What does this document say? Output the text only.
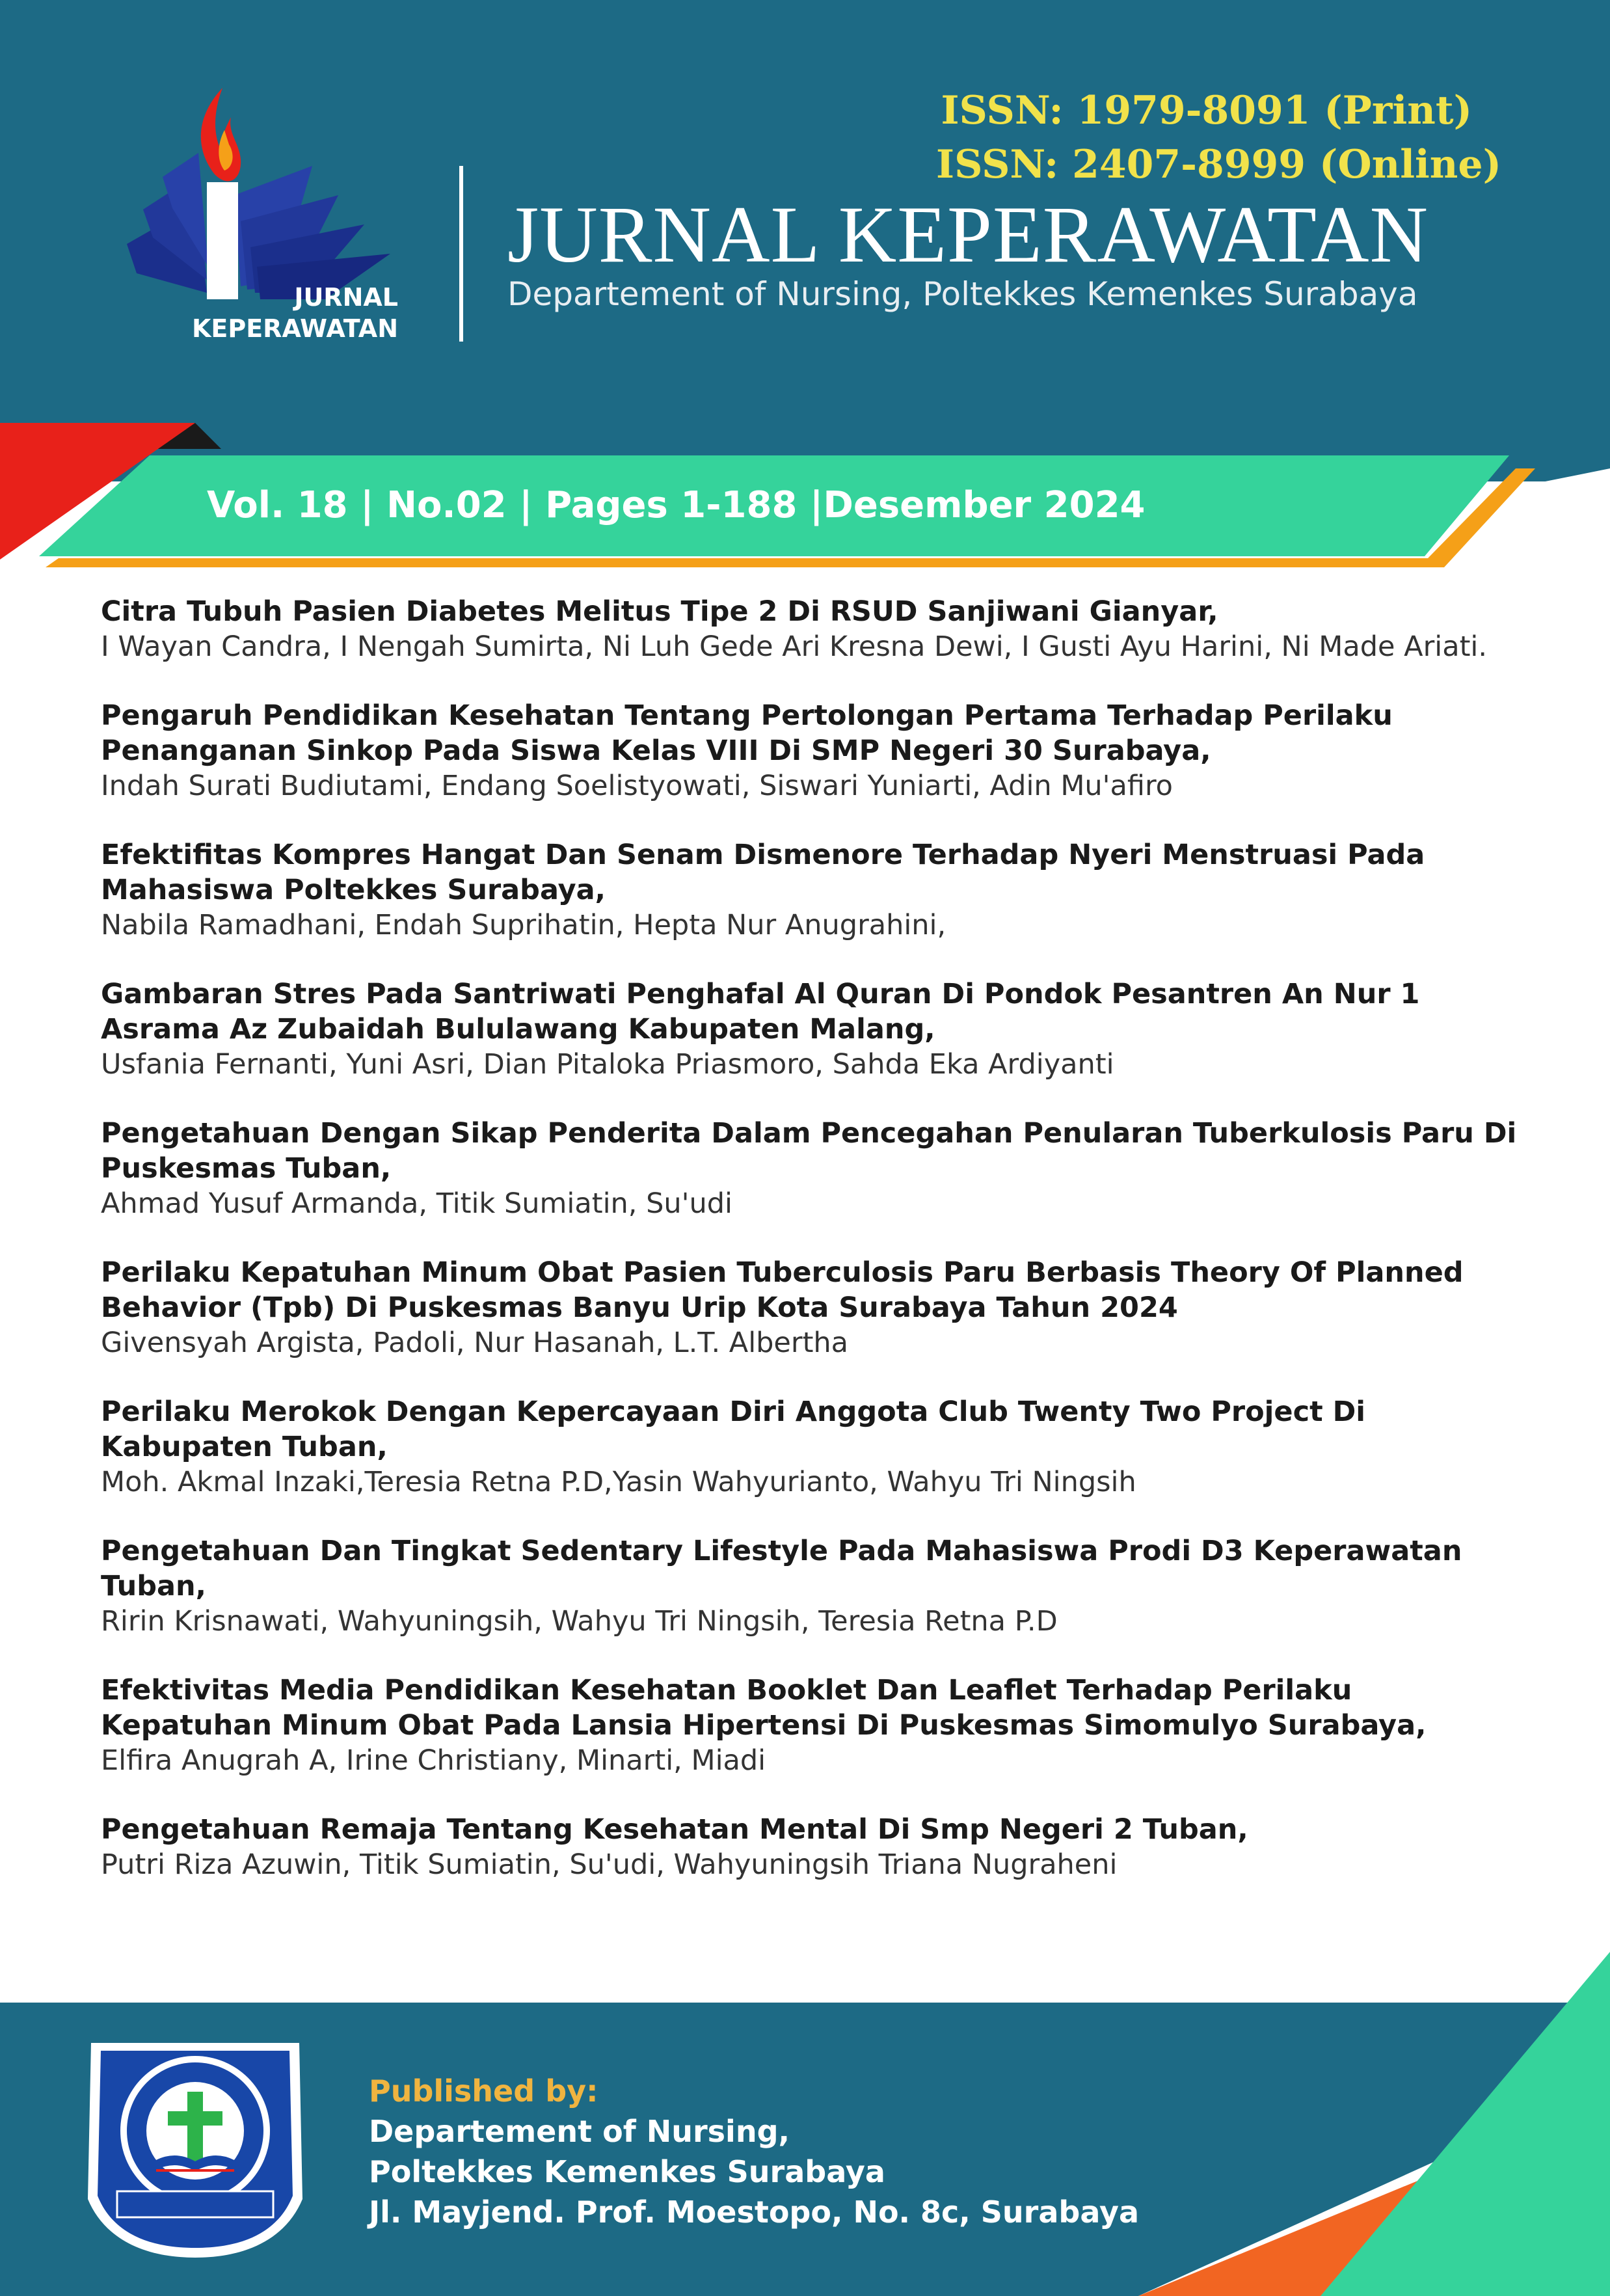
ISSN: 1979-8091 (Print)
ISSN: 2407-8999 (Online)
JURNAL KEPERAWATAN
Departement of Nursing, Poltekkes Kemenkes Surabaya
JURNAL
KEPERAWATAN
Vol. 18 | No.02 | Pages 1-188 |Desember 2024
Citra Tubuh Pasien Diabetes Melitus Tipe 2 Di RSUD Sanjiwani Gianyar,
I Wayan Candra, I Nengah Sumirta, Ni Luh Gede Ari Kresna Dewi, I Gusti Ayu Harini, Ni Made Ariati.
Pengaruh Pendidikan Kesehatan Tentang Pertolongan Pertama Terhadap Perilaku Penanganan Sinkop Pada Siswa Kelas VIII Di SMP Negeri 30 Surabaya,
Indah Surati Budiutami, Endang Soelistyowati, Siswari Yuniarti, Adin Mu'afiro
Efektifitas Kompres Hangat Dan Senam Dismenore Terhadap Nyeri Menstruasi Pada Mahasiswa Poltekkes Surabaya,
Nabila Ramadhani, Endah Suprihatin, Hepta Nur Anugrahini,
Gambaran Stres Pada Santriwati Penghafal Al Quran Di Pondok Pesantren An Nur 1 Asrama Az Zubaidah Bululawang Kabupaten Malang,
Usfania Fernanti, Yuni Asri, Dian Pitaloka Priasmoro, Sahda Eka Ardiyanti
Pengetahuan Dengan Sikap Penderita Dalam Pencegahan Penularan Tuberkulosis Paru Di Puskesmas Tuban,
Ahmad Yusuf Armanda, Titik Sumiatin, Su'udi
Perilaku Kepatuhan Minum Obat Pasien Tuberculosis Paru Berbasis Theory Of Planned Behavior (Tpb) Di Puskesmas Banyu Urip Kota Surabaya Tahun 2024
Givensyah Argista, Padoli, Nur Hasanah, L.T. Albertha
Perilaku Merokok Dengan Kepercayaan Diri Anggota Club Twenty Two Project Di Kabupaten Tuban,
Moh. Akmal Inzaki,Teresia Retna P.D,Yasin Wahyurianto, Wahyu Tri Ningsih
Pengetahuan Dan Tingkat Sedentary Lifestyle Pada Mahasiswa Prodi D3 Keperawatan Tuban,
Ririn Krisnawati, Wahyuningsih, Wahyu Tri Ningsih, Teresia Retna P.D
Efektivitas Media Pendidikan Kesehatan Booklet Dan Leaflet Terhadap Perilaku Kepatuhan Minum Obat Pada Lansia Hipertensi Di Puskesmas Simomulyo Surabaya,
Elfira Anugrah A, Irine Christiany, Minarti, Miadi
Pengetahuan Remaja Tentang Kesehatan Mental Di Smp Negeri 2 Tuban,
Putri Riza Azuwin, Titik Sumiatin, Su'udi, Wahyuningsih Triana Nugraheni
Published by:
Departement of Nursing,
Poltekkes Kemenkes Surabaya
Jl. Mayjend. Prof. Moestopo, No. 8c, Surabaya
